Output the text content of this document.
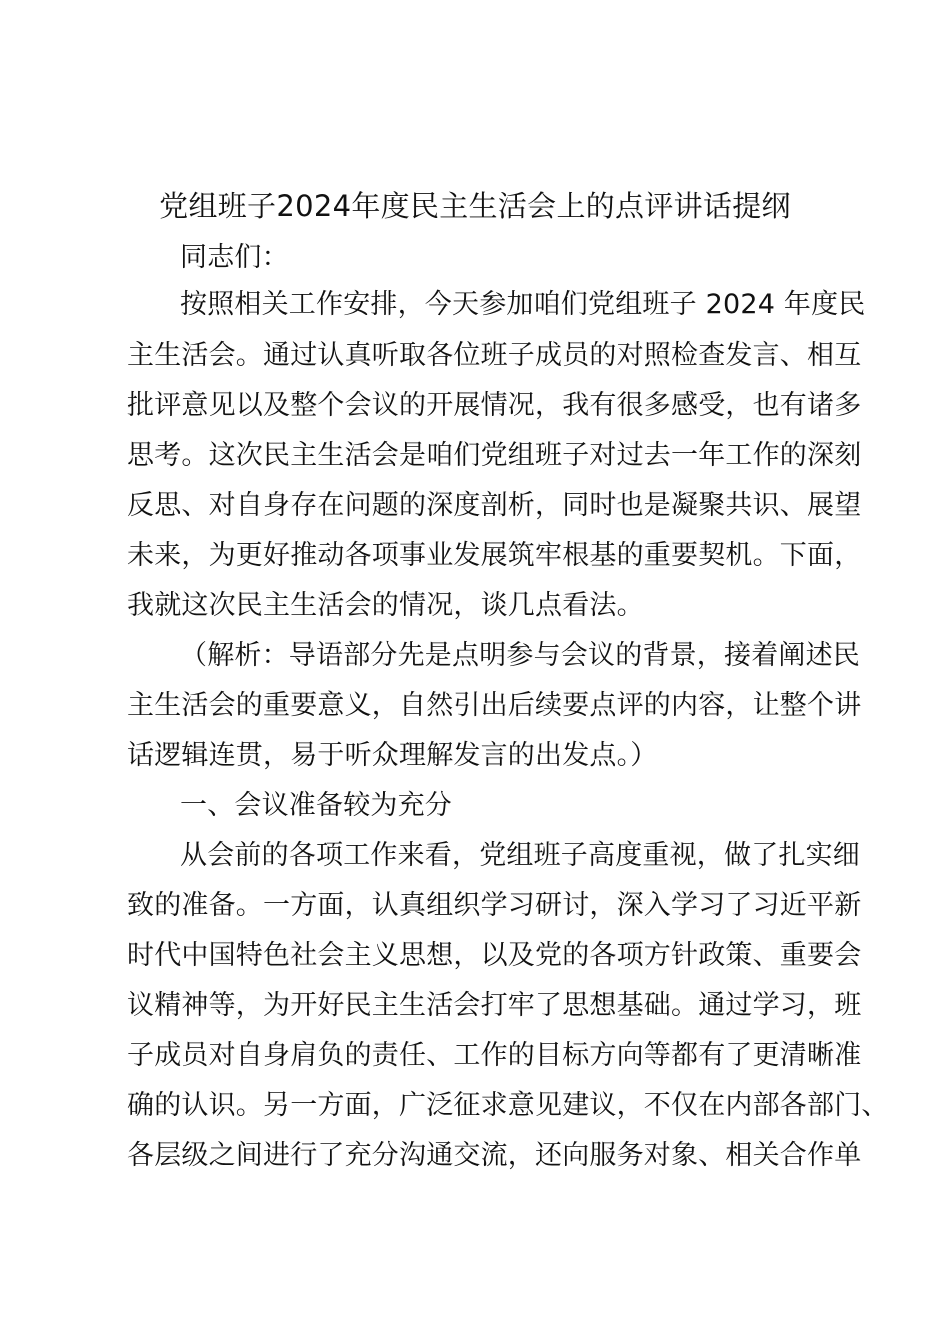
党组班子2024年度民主生活会上的点评讲话提纲

同志们：

按照相关工作安排，今天参加咱们党组班子 2024 年度民

主生活会。通过认真听取各位班子成员的对照检查发言、相互

批评意见以及整个会议的开展情况，我有很多感受，也有诸多

思考。这次民主生活会是咱们党组班子对过去一年工作的深刻

反思、对自身存在问题的深度剖析，同时也是凝聚共识、展望

未来，为更好推动各项事业发展筑牢根基的重要契机。下面，

我就这次民主生活会的情况，谈几点看法。

（解析：导语部分先是点明参与会议的背景，接着阐述民

主生活会的重要意义，自然引出后续要点评的内容，让整个讲

话逻辑连贯，易于听众理解发言的出发点。）

一、会议准备较为充分

从会前的各项工作来看，党组班子高度重视，做了扎实细

致的准备。一方面，认真组织学习研讨，深入学习了习近平新

时代中国特色社会主义思想，以及党的各项方针政策、重要会

议精神等，为开好民主生活会打牢了思想基础。通过学习，班

子成员对自身肩负的责任、工作的目标方向等都有了更清晰准

确的认识。另一方面，广泛征求意见建议，不仅在内部各部门、

各层级之间进行了充分沟通交流，还向服务对象、相关合作单
